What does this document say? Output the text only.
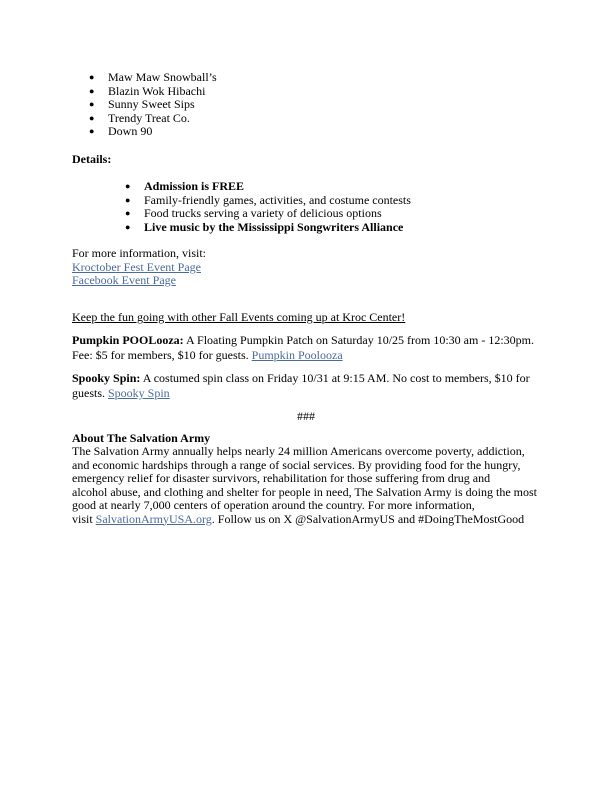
● Maw Maw Snowball’s
● Blazin Wok Hibachi
● Sunny Sweet Sips
● Trendy Treat Co.
● Down 90
Details:
● Admission is FREE
● Family-friendly games, activities, and costume contests
● Food trucks serving a variety of delicious options
● Live music by the Mississippi Songwriters Alliance
For more information, visit:
Kroctober Fest Event Page
Facebook Event Page
Keep the fun going with other Fall Events coming up at Kroc Center!
Pumpkin POOLooza: A Floating Pumpkin Patch on Saturday 10/25 from 10:30 am - 12:30pm. Fee: $5 for members, $10 for guests. Pumpkin Poolooza
Spooky Spin: A costumed spin class on Friday 10/31 at 9:15 AM. No cost to members, $10 for guests. Spooky Spin
###
About The Salvation Army
The Salvation Army annually helps nearly 24 million Americans overcome poverty, addiction,
and economic hardships through a range of social services. By providing food for the hungry,
emergency relief for disaster survivors, rehabilitation for those suffering from drug and
alcohol abuse, and clothing and shelter for people in need, The Salvation Army is doing the most
good at nearly 7,000 centers of operation around the country. For more information,
visit SalvationArmyUSA.org. Follow us on X @SalvationArmyUS and #DoingTheMostGood
